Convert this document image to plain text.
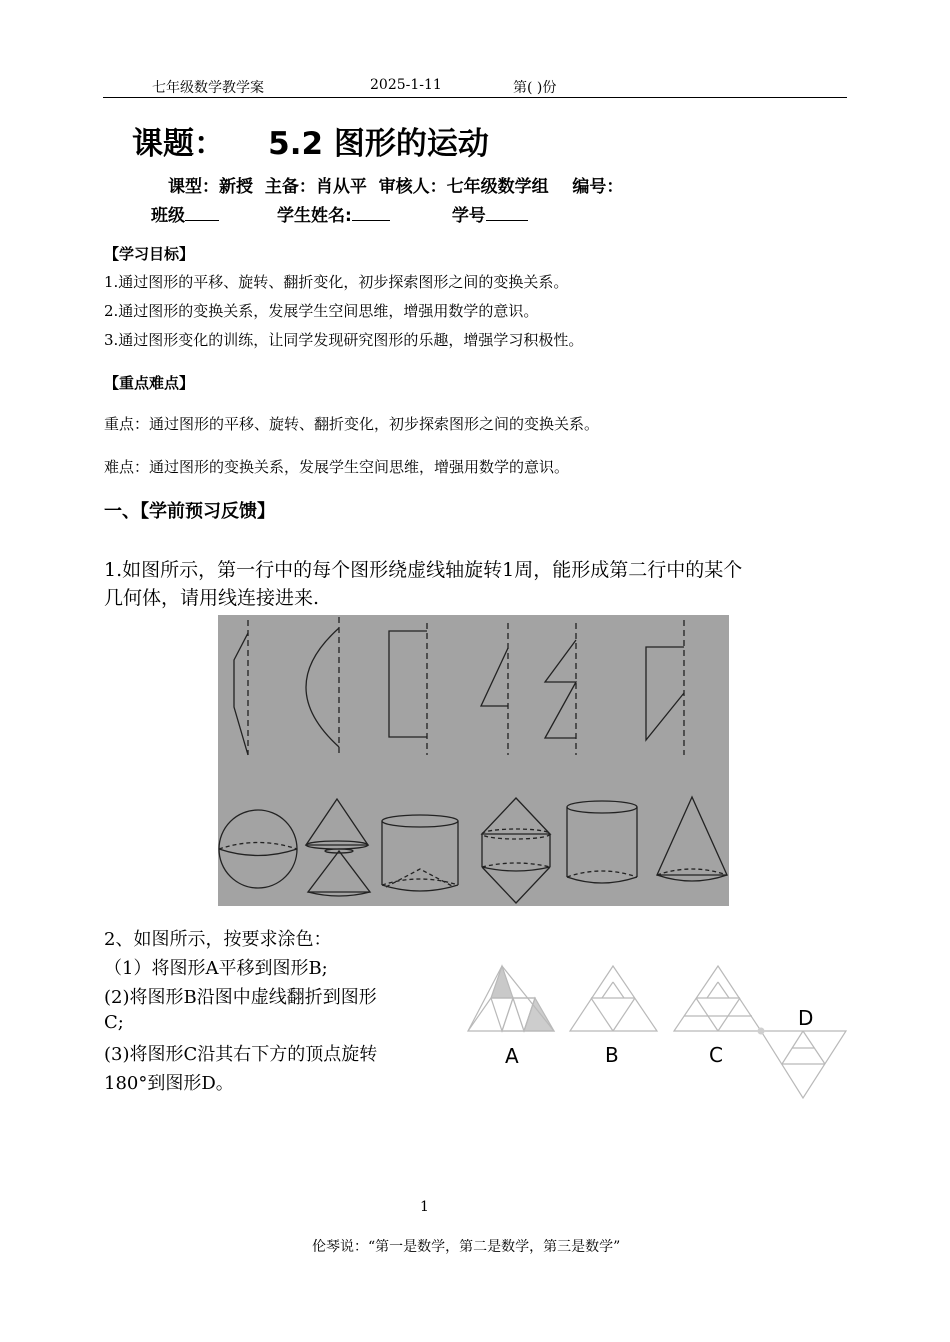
七年级数学教学案	2025-1-11	第( )份
课题： 5.2 图形的运动
课型：新授  主备：肖从平  审核人：七年级数学组    编号：
班级	学生姓名:	学号
【学习目标】
1.通过图形的平移、旋转、翻折变化，初步探索图形之间的变换关系。
2.通过图形的变换关系，发展学生空间思维，增强用数学的意识。
3.通过图形变化的训练，让同学发现研究图形的乐趣，增强学习积极性。
【重点难点】
重点：通过图形的平移、旋转、翻折变化，初步探索图形之间的变换关系。
难点：通过图形的变换关系，发展学生空间思维，增强用数学的意识。
一、【学前预习反馈】
1.如图所示，第一行中的每个图形绕虚线轴旋转1周，能形成第二行中的某个
几何体，请用线连接进来.
2、如图所示，按要求涂色：
（1）将图形A平移到图形B;
(2)将图形B沿图中虚线翻折到图形
C;
(3)将图形C沿其右下方的顶点旋转
180°到图形D。
A	B	C
D
1
伦琴说：“第一是数学，第二是数学，第三是数学”
